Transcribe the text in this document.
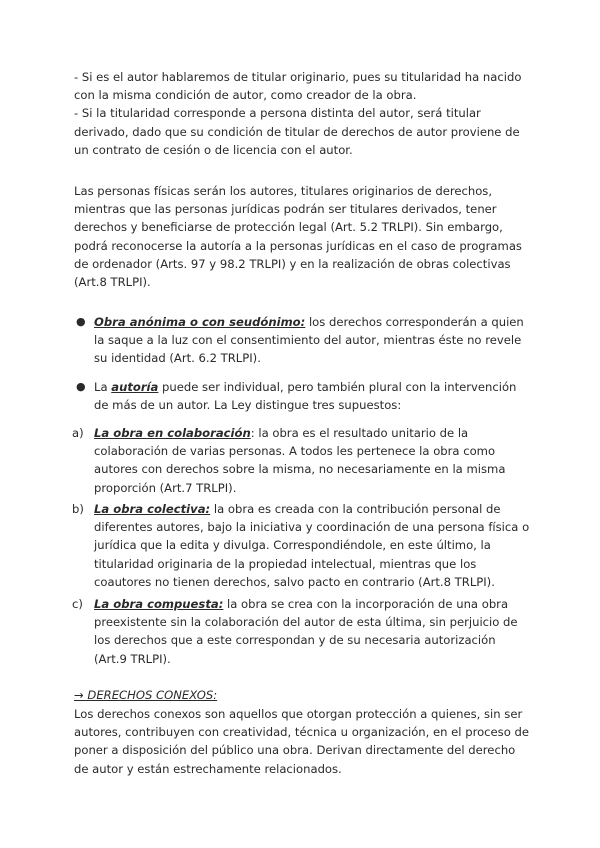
- Si es el autor hablaremos de titular originario, pues su titularidad ha nacido con la misma condición de autor, como creador de la obra.

- Si la titularidad corresponde a persona distinta del autor, será titular derivado, dado que su condición de titular de derechos de autor proviene de un contrato de cesión o de licencia con el autor.

Las personas físicas serán los autores, titulares originarios de derechos, mientras que las personas jurídicas podrán ser titulares derivados, tener derechos y beneficiarse de protección legal (Art. 5.2 TRLPI). Sin embargo, podrá reconocerse la autoría a la personas jurídicas en el caso de programas de ordenador (Arts. 97 y 98.2 TRLPI) y en la realización de obras colectivas (Art.8 TRLPI).

● Obra anónima o con seudónimo: los derechos corresponderán a quien la saque a la luz con el consentimiento del autor, mientras éste no revele su identidad (Art. 6.2 TRLPI).

● La autoría puede ser individual, pero también plural con la intervención de más de un autor. La Ley distingue tres supuestos:

a) La obra en colaboración: la obra es el resultado unitario de la colaboración de varias personas. A todos les pertenece la obra como autores con derechos sobre la misma, no necesariamente en la misma proporción (Art.7 TRLPI).

b) La obra colectiva: la obra es creada con la contribución personal de diferentes autores, bajo la iniciativa y coordinación de una persona física o jurídica que la edita y divulga. Correspondiéndole, en este último, la titularidad originaria de la propiedad intelectual, mientras que los coautores no tienen derechos, salvo pacto en contrario (Art.8 TRLPI).

c) La obra compuesta: la obra se crea con la incorporación de una obra preexistente sin la colaboración del autor de esta última, sin perjuicio de los derechos que a este correspondan y de su necesaria autorización (Art.9 TRLPI).

→ DERECHOS CONEXOS:

Los derechos conexos son aquellos que otorgan protección a quienes, sin ser autores, contribuyen con creatividad, técnica u organización, en el proceso de poner a disposición del público una obra. Derivan directamente del derecho de autor y están estrechamente relacionados.
